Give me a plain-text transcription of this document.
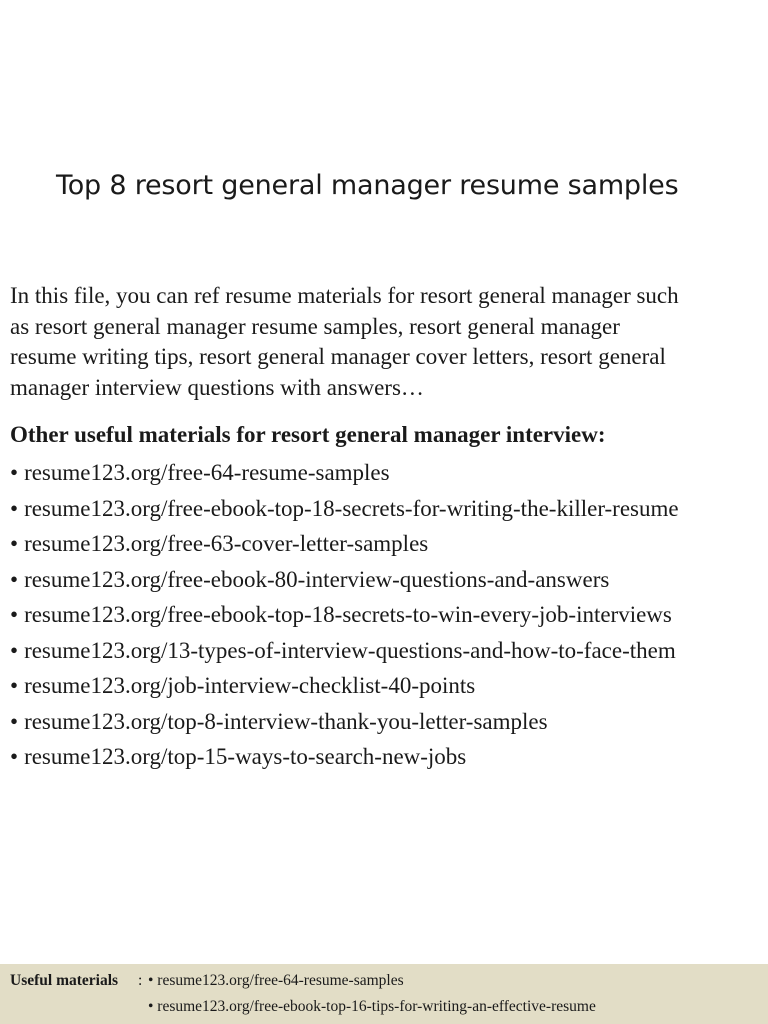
Top 8 resort general manager resume samples
In this file, you can ref resume materials for resort general manager such
as resort general manager resume samples, resort general manager
resume writing tips, resort general manager cover letters, resort general
manager interview questions with answers…
Other useful materials for resort general manager interview:
• resume123.org/free-64-resume-samples
• resume123.org/free-ebook-top-18-secrets-for-writing-the-killer-resume
• resume123.org/free-63-cover-letter-samples
• resume123.org/free-ebook-80-interview-questions-and-answers
• resume123.org/free-ebook-top-18-secrets-to-win-every-job-interviews
• resume123.org/13-types-of-interview-questions-and-how-to-face-them
• resume123.org/job-interview-checklist-40-points
• resume123.org/top-8-interview-thank-you-letter-samples
• resume123.org/top-15-ways-to-search-new-jobs
Useful materials : • resume123.org/free-64-resume-samples
• resume123.org/free-ebook-top-16-tips-for-writing-an-effective-resume
